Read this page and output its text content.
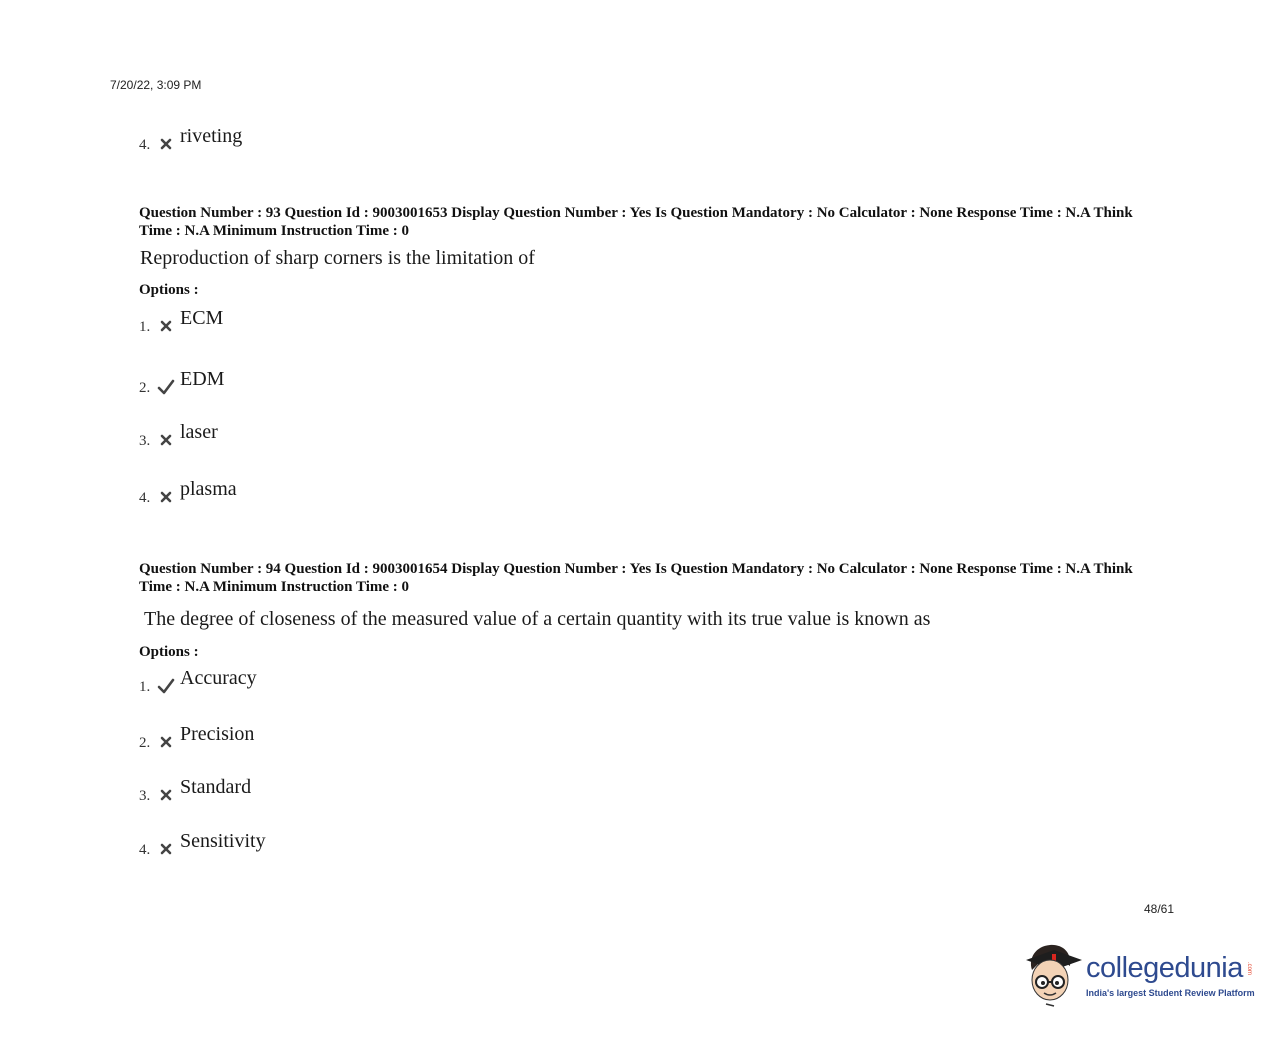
7/20/22, 3:09 PM
4. riveting
Question Number : 93 Question Id : 9003001653 Display Question Number : Yes Is Question Mandatory : No Calculator : None Response Time : N.A Think Time : N.A Minimum Instruction Time : 0
Reproduction of sharp corners is the limitation of
Options :
1. ECM
2. EDM
3. laser
4. plasma
Question Number : 94 Question Id : 9003001654 Display Question Number : Yes Is Question Mandatory : No Calculator : None Response Time : N.A Think Time : N.A Minimum Instruction Time : 0
The degree of closeness of the measured value of a certain quantity with its true value is known as
Options :
1. Accuracy
2. Precision
3. Standard
4. Sensitivity
48/61
collegedunia .com
India's largest Student Review Platform
